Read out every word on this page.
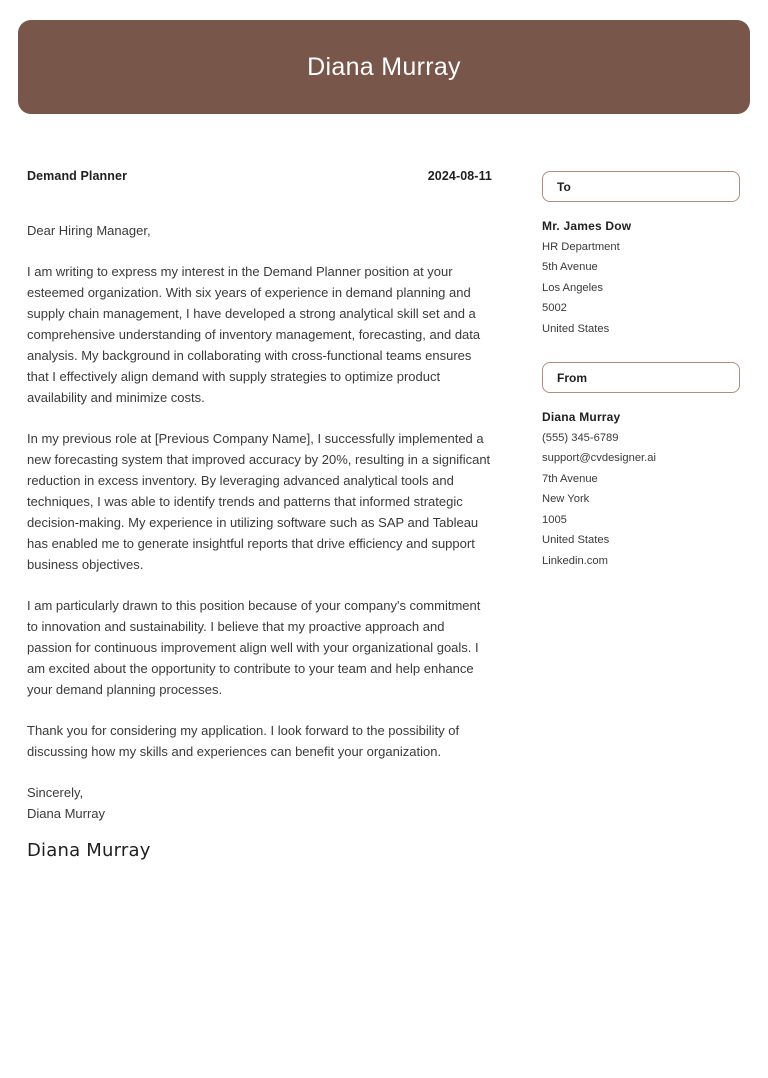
Diana Murray
Demand Planner	2024-08-11
Dear Hiring Manager,

I am writing to express my interest in the Demand Planner position at your esteemed organization. With six years of experience in demand planning and supply chain management, I have developed a strong analytical skill set and a comprehensive understanding of inventory management, forecasting, and data analysis. My background in collaborating with cross-functional teams ensures that I effectively align demand with supply strategies to optimize product availability and minimize costs.

In my previous role at [Previous Company Name], I successfully implemented a new forecasting system that improved accuracy by 20%, resulting in a significant reduction in excess inventory. By leveraging advanced analytical tools and techniques, I was able to identify trends and patterns that informed strategic decision-making. My experience in utilizing software such as SAP and Tableau has enabled me to generate insightful reports that drive efficiency and support business objectives.

I am particularly drawn to this position because of your company's commitment to innovation and sustainability. I believe that my proactive approach and passion for continuous improvement align well with your organizational goals. I am excited about the opportunity to contribute to your team and help enhance your demand planning processes.

Thank you for considering my application. I look forward to the possibility of discussing how my skills and experiences can benefit your organization.

Sincerely,
Diana Murray
Diana Murray
To
Mr. James Dow
HR Department
5th Avenue
Los Angeles
5002
United States
From
Diana Murray
(555) 345-6789
support@cvdesigner.ai
7th Avenue
New York
1005
United States
Linkedin.com
